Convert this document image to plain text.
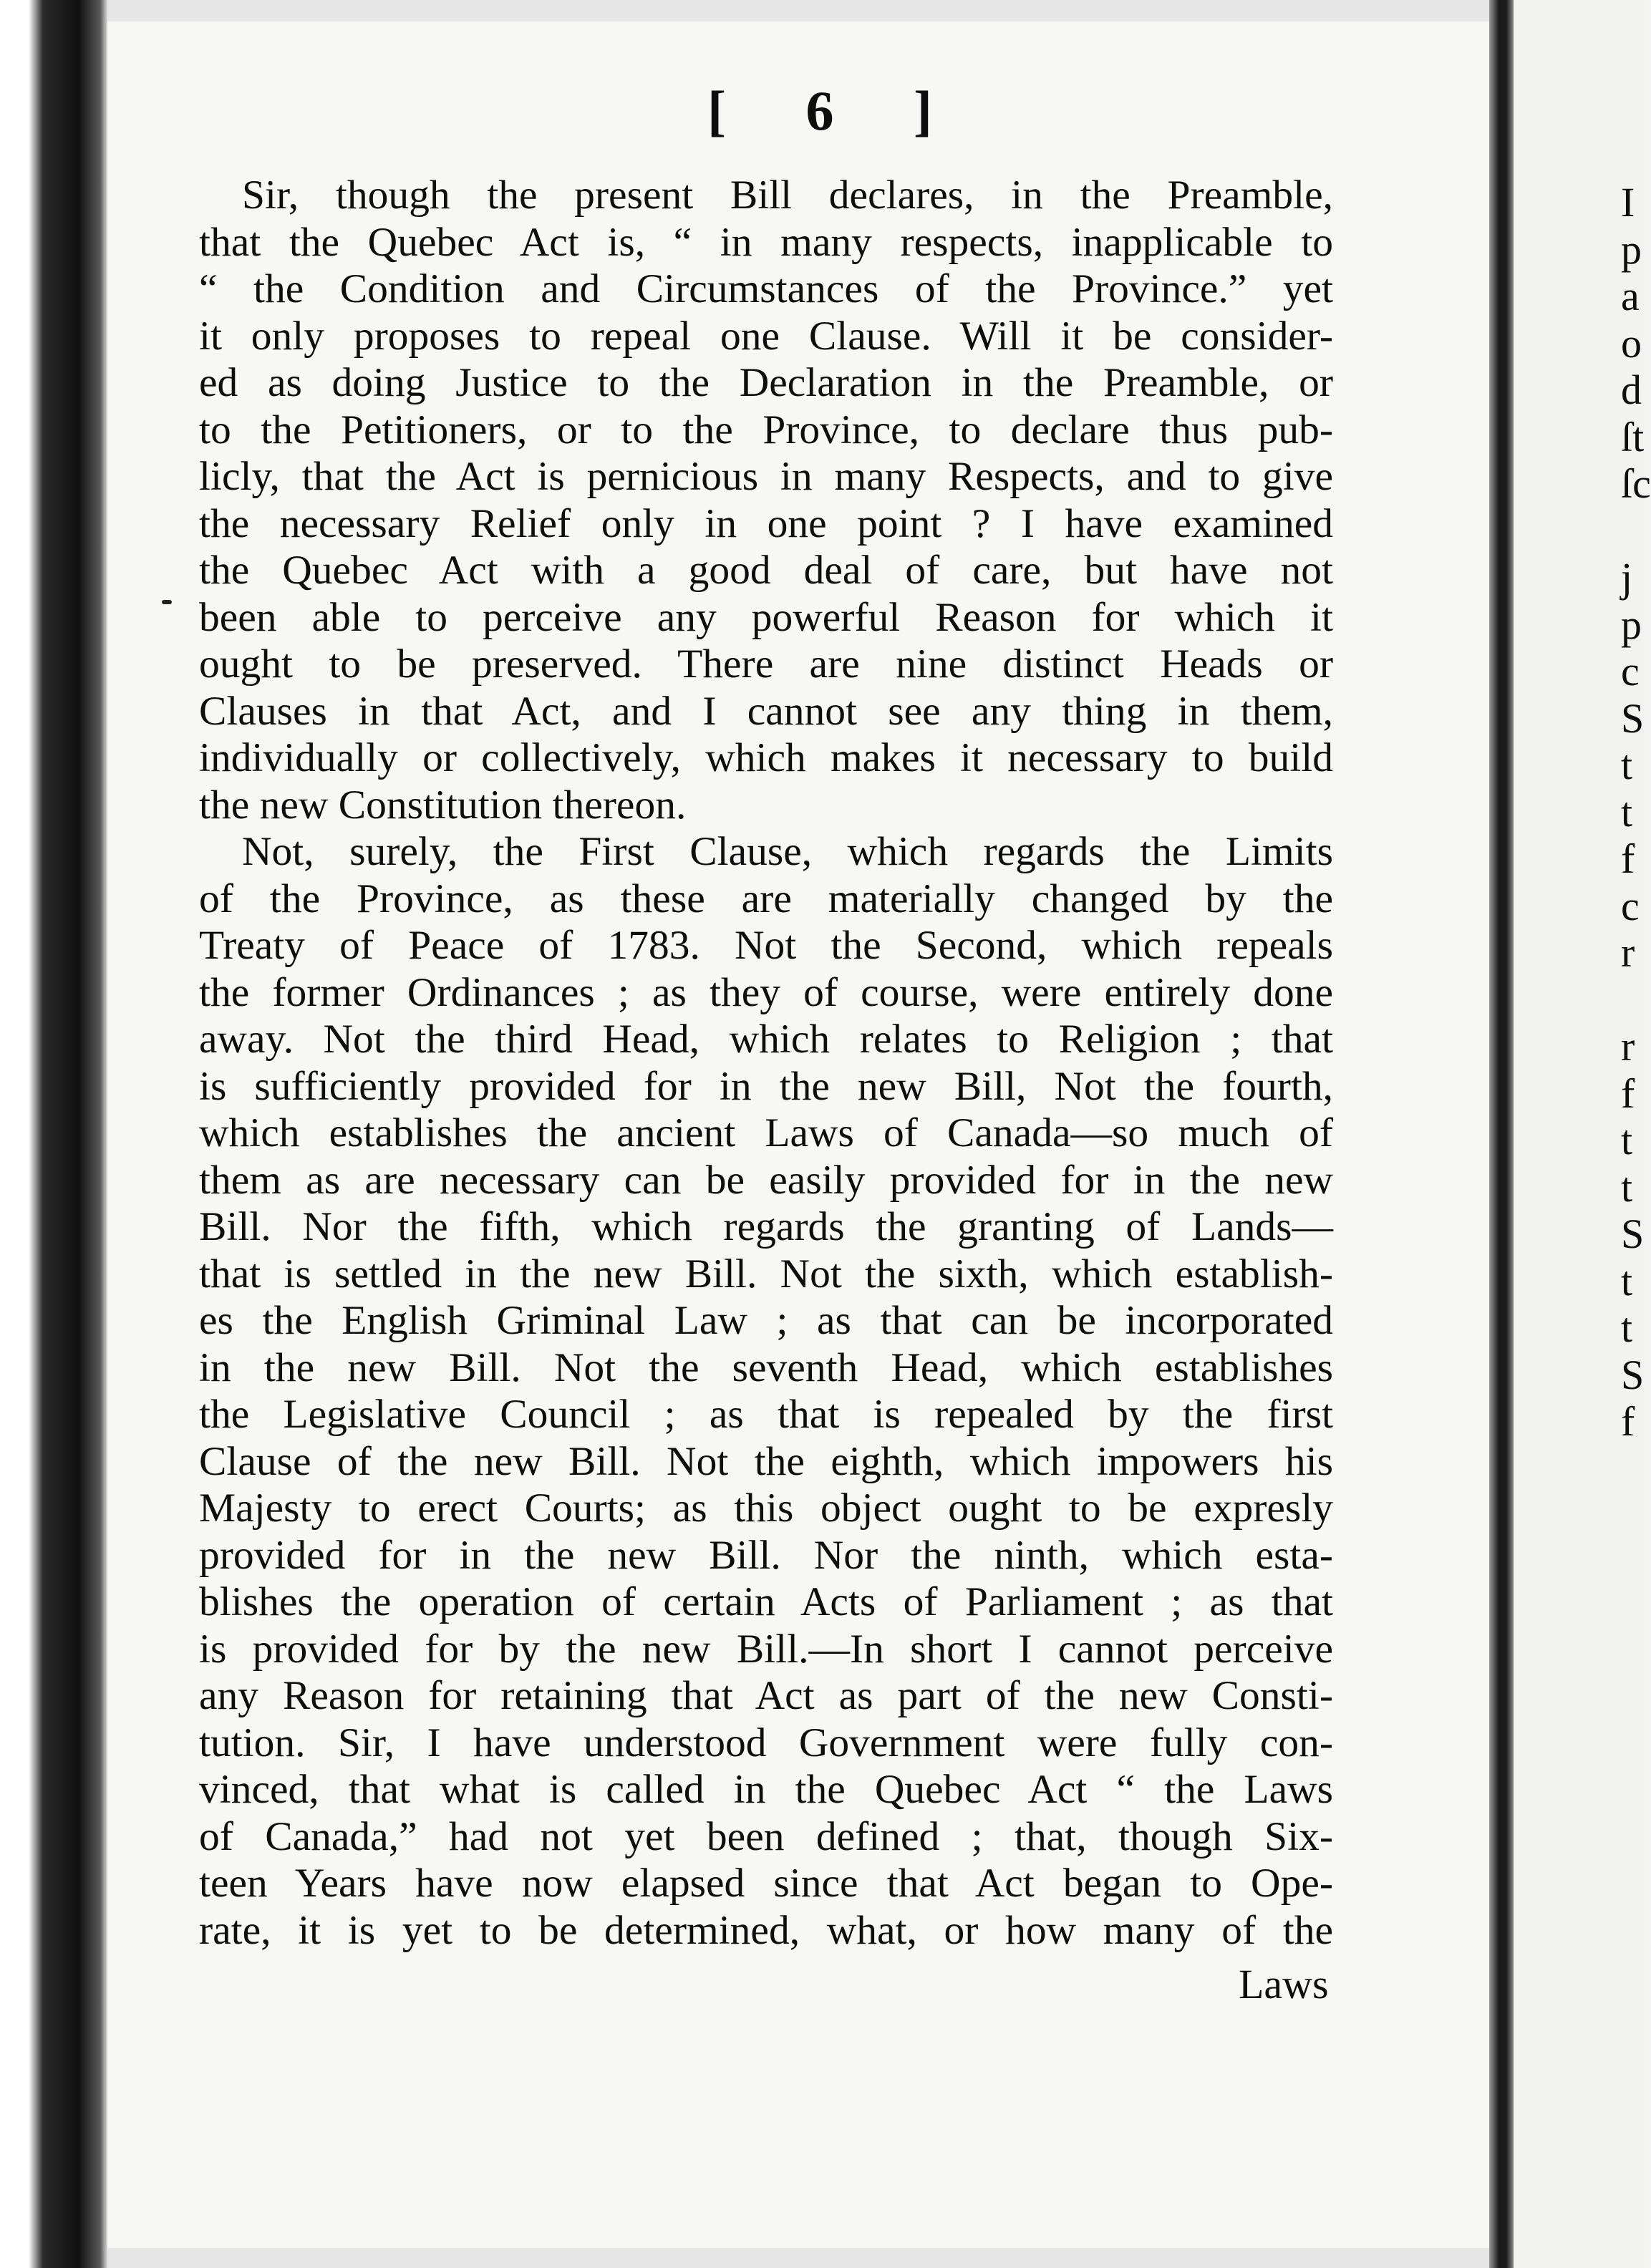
I
p
a
o
d
ſt
ſc
j
p
c
S
t
t
f
c
r
r
f
t
t
S
t
t
S
f
[ 6 ]
Sir, though the present Bill declares, in the Preamble,
that the Quebec Act is, “ in many respects, inapplicable to
“ the Condition and Circumstances of the Province.” yet
it only proposes to repeal one Clause. Will it be consider-
ed as doing Justice to the Declaration in the Preamble, or
to the Petitioners, or to the Province, to declare thus pub-
licly, that the Act is pernicious in many Respects, and to give
the necessary Relief only in one point ? I have examined
the Quebec Act with a good deal of care, but have not
been able to perceive any powerful Reason for which it
ought to be preserved. There are nine distinct Heads or
Clauses in that Act, and I cannot see any thing in them,
individually or collectively, which makes it necessary to build
the new Constitution thereon.
Not, surely, the First Clause, which regards the Limits
of the Province, as these are materially changed by the
Treaty of Peace of 1783. Not the Second, which repeals
the former Ordinances ; as they of course, were entirely done
away. Not the third Head, which relates to Religion ; that
is sufficiently provided for in the new Bill, Not the fourth,
which establishes the ancient Laws of Canada—so much of
them as are necessary can be easily provided for in the new
Bill. Nor the fifth, which regards the granting of Lands—
that is settled in the new Bill. Not the sixth, which establish-
es the English Griminal Law ; as that can be incorporated
in the new Bill. Not the seventh Head, which establishes
the Legislative Council ; as that is repealed by the first
Clause of the new Bill. Not the eighth, which impowers his
Majesty to erect Courts; as this object ought to be expresly
provided for in the new Bill. Nor the ninth, which esta-
blishes the operation of certain Acts of Parliament ; as that
is provided for by the new Bill.—In short I cannot perceive
any Reason for retaining that Act as part of the new Consti-
tution. Sir, I have understood Government were fully con-
vinced, that what is called in the Quebec Act “ the Laws
of Canada,” had not yet been defined ; that, though Six-
teen Years have now elapsed since that Act began to Ope-
rate, it is yet to be determined, what, or how many of the
Laws
